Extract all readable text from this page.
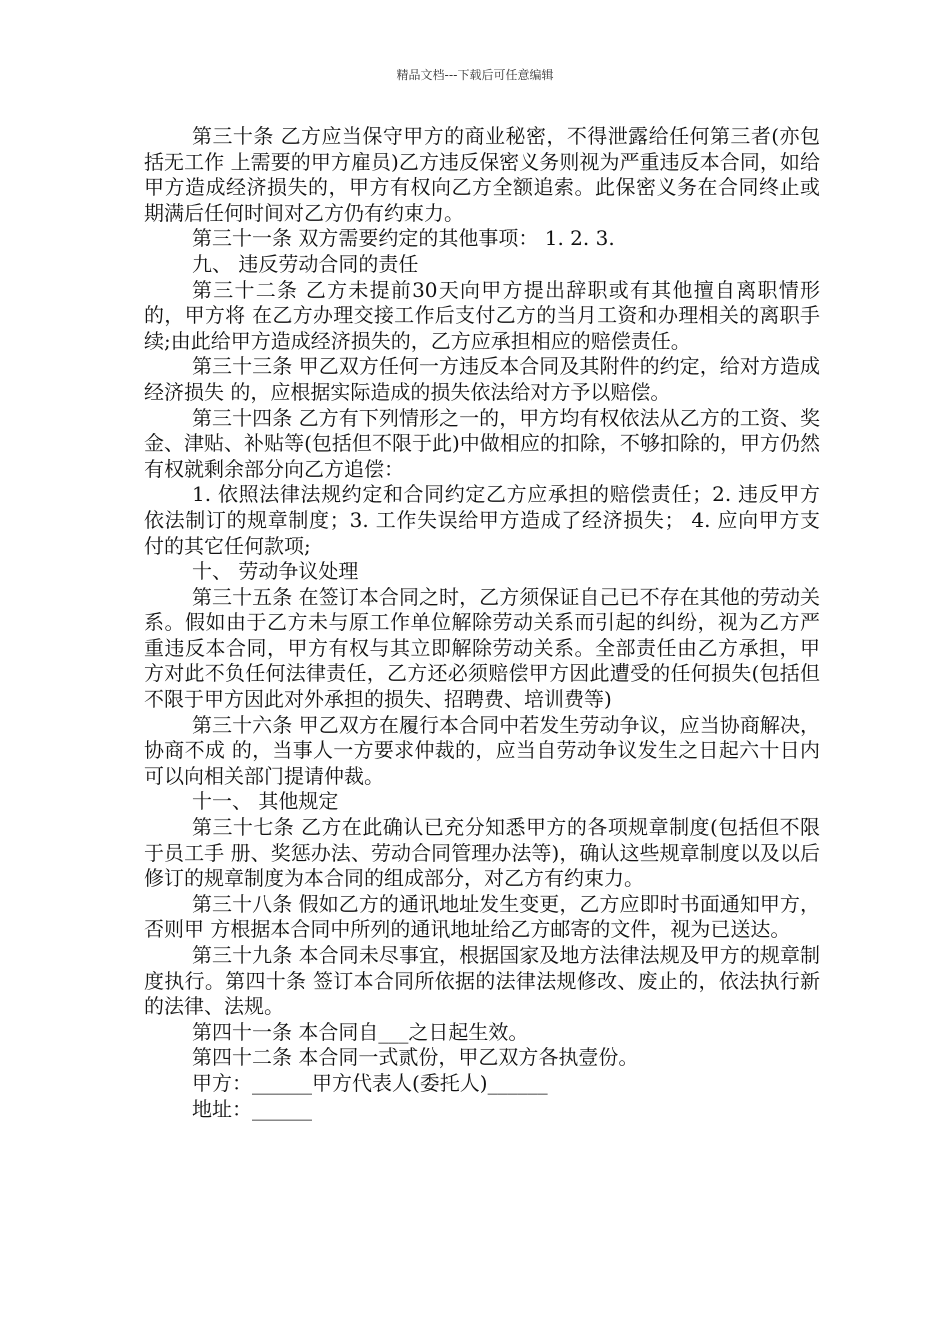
精品文档---下载后可任意编辑

第三十条 乙方应当保守甲方的商业秘密，不得泄露给任何第三者(亦包括无工作 上需要的甲方雇员)乙方违反保密义务则视为严重违反本合同，如给甲方造成经济损失的，甲方有权向乙方全额追索。此保密义务在合同终止或期满后任何时间对乙方仍有约束力。

第三十一条 双方需要约定的其他事项： 1. 2. 3.

九、 违反劳动合同的责任

第三十二条 乙方未提前30天向甲方提出辞职或有其他擅自离职情形的，甲方将 在乙方办理交接工作后支付乙方的当月工资和办理相关的离职手续;由此给甲方造成经济损失的，乙方应承担相应的赔偿责任。

第三十三条 甲乙双方任何一方违反本合同及其附件的约定，给对方造成经济损失 的，应根据实际造成的损失依法给对方予以赔偿。

第三十四条 乙方有下列情形之一的，甲方均有权依法从乙方的工资、奖金、津贴、补贴等(包括但不限于此)中做相应的扣除，不够扣除的，甲方仍然有权就剩余部分向乙方追偿：

1. 依照法律法规约定和合同约定乙方应承担的赔偿责任；2. 违反甲方依法制订的规章制度；3. 工作失误给甲方造成了经济损失； 4. 应向甲方支付的其它任何款项;

十、 劳动争议处理

第三十五条 在签订本合同之时，乙方须保证自己已不存在其他的劳动关系。假如由于乙方未与原工作单位解除劳动关系而引起的纠纷，视为乙方严重违反本合同，甲方有权与其立即解除劳动关系。全部责任由乙方承担，甲方对此不负任何法律责任，乙方还必须赔偿甲方因此遭受的任何损失(包括但不限于甲方因此对外承担的损失、招聘费、培训费等)

第三十六条 甲乙双方在履行本合同中若发生劳动争议，应当协商解决，协商不成 的，当事人一方要求仲裁的，应当自劳动争议发生之日起六十日内可以向相关部门提请仲裁。

十一、 其他规定

第三十七条 乙方在此确认已充分知悉甲方的各项规章制度(包括但不限于员工手 册、奖惩办法、劳动合同管理办法等)，确认这些规章制度以及以后修订的规章制度为本合同的组成部分，对乙方有约束力。

第三十八条 假如乙方的通讯地址发生变更，乙方应即时书面通知甲方，否则甲 方根据本合同中所列的通讯地址给乙方邮寄的文件，视为已送达。

第三十九条 本合同未尽事宜，根据国家及地方法律法规及甲方的规章制度执行。第四十条 签订本合同所依据的法律法规修改、废止的，依法执行新的法律、法规。

第四十一条 本合同自___之日起生效。

第四十二条 本合同一式贰份，甲乙双方各执壹份。

甲方：______甲方代表人(委托人)______

地址：______
